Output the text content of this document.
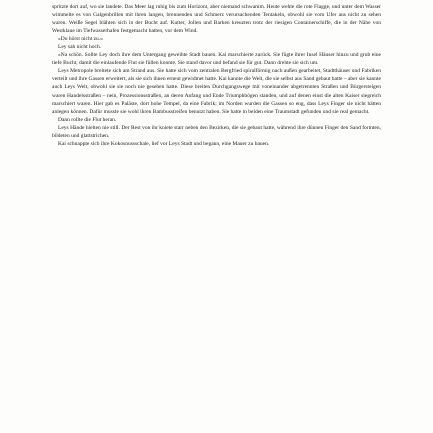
spritzte dort auf, wo sie landete. Das Meer lag ruhig bis zum Horizont, aber niemand schwamm. Heute wehte die rote Flagge, und unter dem Wasser wimmelte es von Galgenbrillen mit ihren langen, brennenden und Schmerz verursachenden Tentakeln, obwohl sie vom Ufer aus nicht zu sehen waren. Weiße Segel blähten sich in der Bucht auf. Kutter, Jollen und Barken kreuzten trotz der riesigen Containerschiffe, die in der Nähe von Westklaue im Tiefwasserhafen festgemacht hatten, vor dem Wind.

»Du hörst nicht zu.«

Ley sah nicht hoch.

»Na schön. Sollte Ley doch ihre dem Untergang geweihte Stadt bauen. Kai marschierte zurück. Sie fügte ihrer Insel Häuser hinzu und grub eine tiefe Bucht, damit die einlaufende Flut sie füllen konnte. Sie stand davor und befand sie für gut. Dann drehte sie sich um.

Leys Metropole breitete sich am Strand aus. Sie hatte sich vom zentralen Bergfried spiralförmig nach außen gearbeitet, Stadtthäuser und Fabriken verteilt und ihre Gassen erweitert, als sie sich ihnen erneut gewidmet hatte. Kai kannte die Welt, die sie selbst aus Sand gebaut hatte – aber sie kannte auch Leys Welt, obwohl sie sie noch nie gesehen hatte. Diese breiten Durchgangswege mit voneinander abgetrennten Straßen und Bürgersteigen waren Handelsstraßen – nein, Prozessionsstraßen, an deren Anfang und Ende Triumphbögen standen, und auf denen einst die alten Kaiser siegreich marschiert waren. Hier gab es Paläste, dort hohe Tempel, da eine Fabrik; im Norden wurden die Gassen so eng, dass Leys Finger sie nicht hätten anlegen können. Dafür musste sie wohl ihren Bambusstreifen benutzt haben. Sie hatte in beiden eine Traumstadt gefunden und sie real gemacht.

Dann rollte die Flut heran.

Leys Hände hielten nie still. Der Rest von ihr kniete starr neben den Bezirken, die sie gebaut hatte, während ihre dünnen Finger den Sand formten, bildeten und glattstrichen.

Kai schnappte sich ihre Kokosnussschale, lief vor Leys Stadt und begann, eine Mauer zu bauen.
